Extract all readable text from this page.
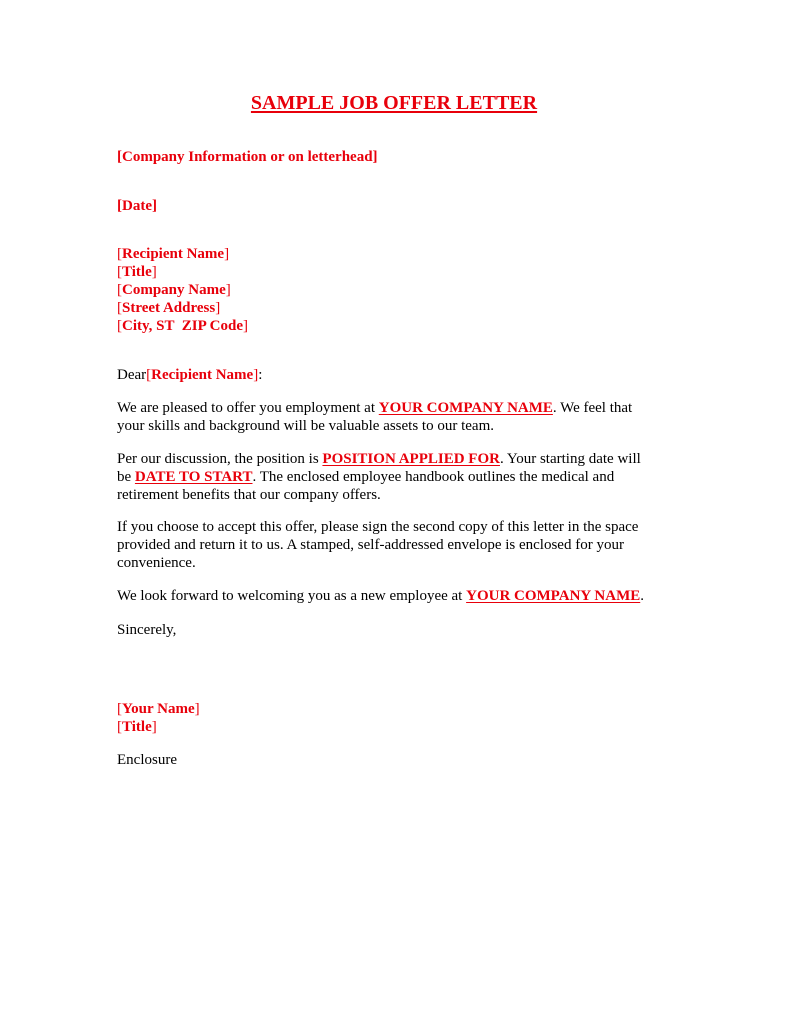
SAMPLE JOB OFFER LETTER

[Company Information or on letterhead]

[Date]

[Recipient Name]

[Title]

[Company Name]

[Street Address]

[City, ST  ZIP Code]

Dear[Recipient Name]:

We are pleased to offer you employment at YOUR COMPANY NAME. We feel that
your skills and background will be valuable assets to our team.
Per our discussion, the position is POSITION APPLIED FOR. Your starting date will
be DATE TO START. The enclosed employee handbook outlines the medical and
retirement benefits that our company offers.
If you choose to accept this offer, please sign the second copy of this letter in the space
provided and return it to us. A stamped, self-addressed envelope is enclosed for your
convenience.

We look forward to welcoming you as a new employee at YOUR COMPANY NAME.

Sincerely,

[Your Name]

[Title]

Enclosure
